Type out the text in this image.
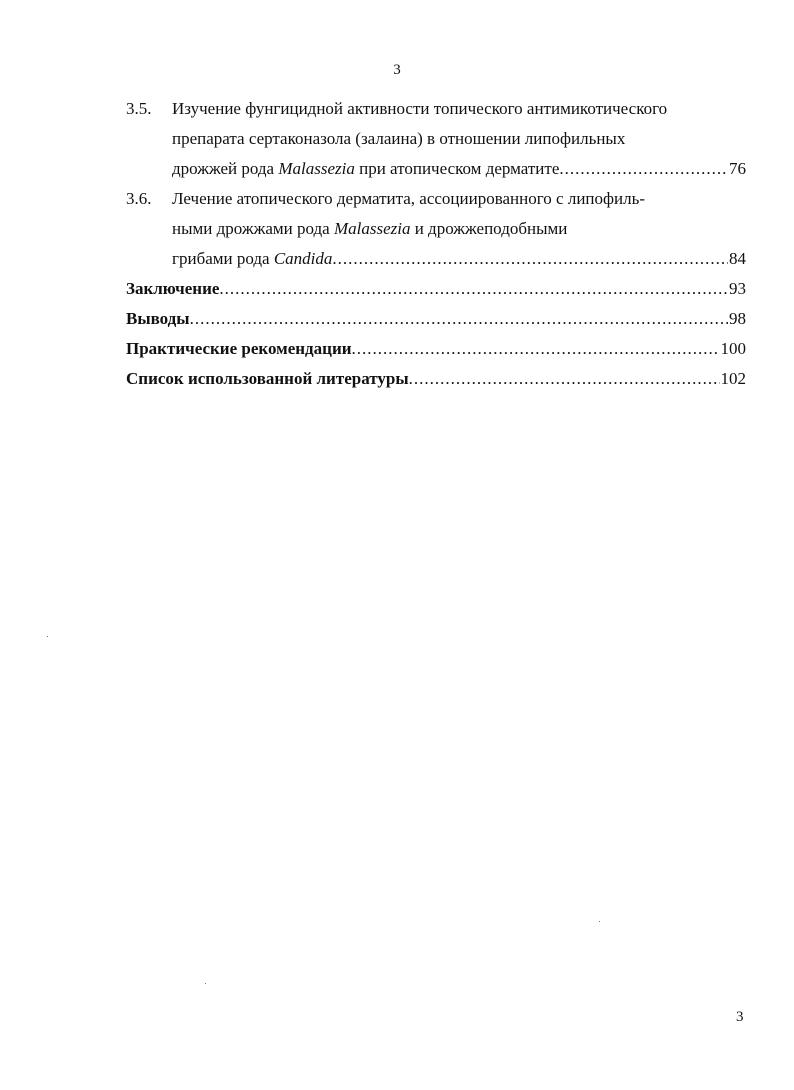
3
3.5. Изучение фунгицидной активности топического антимикотического
препарата сертаконазола (залаина) в отношении липофильных
дрожжей рода Malassezia при атопическом дерматите .....	76
3.6. Лечение атопического дерматита, ассоциированного с липофиль-
ными дрожжами рода Malassezia и дрожжеподобными
грибами рода Candida .....	84
Заключение .....	93
Выводы .....	98
Практические рекомендации .....	100
Список использованной литературы .....	102
3
